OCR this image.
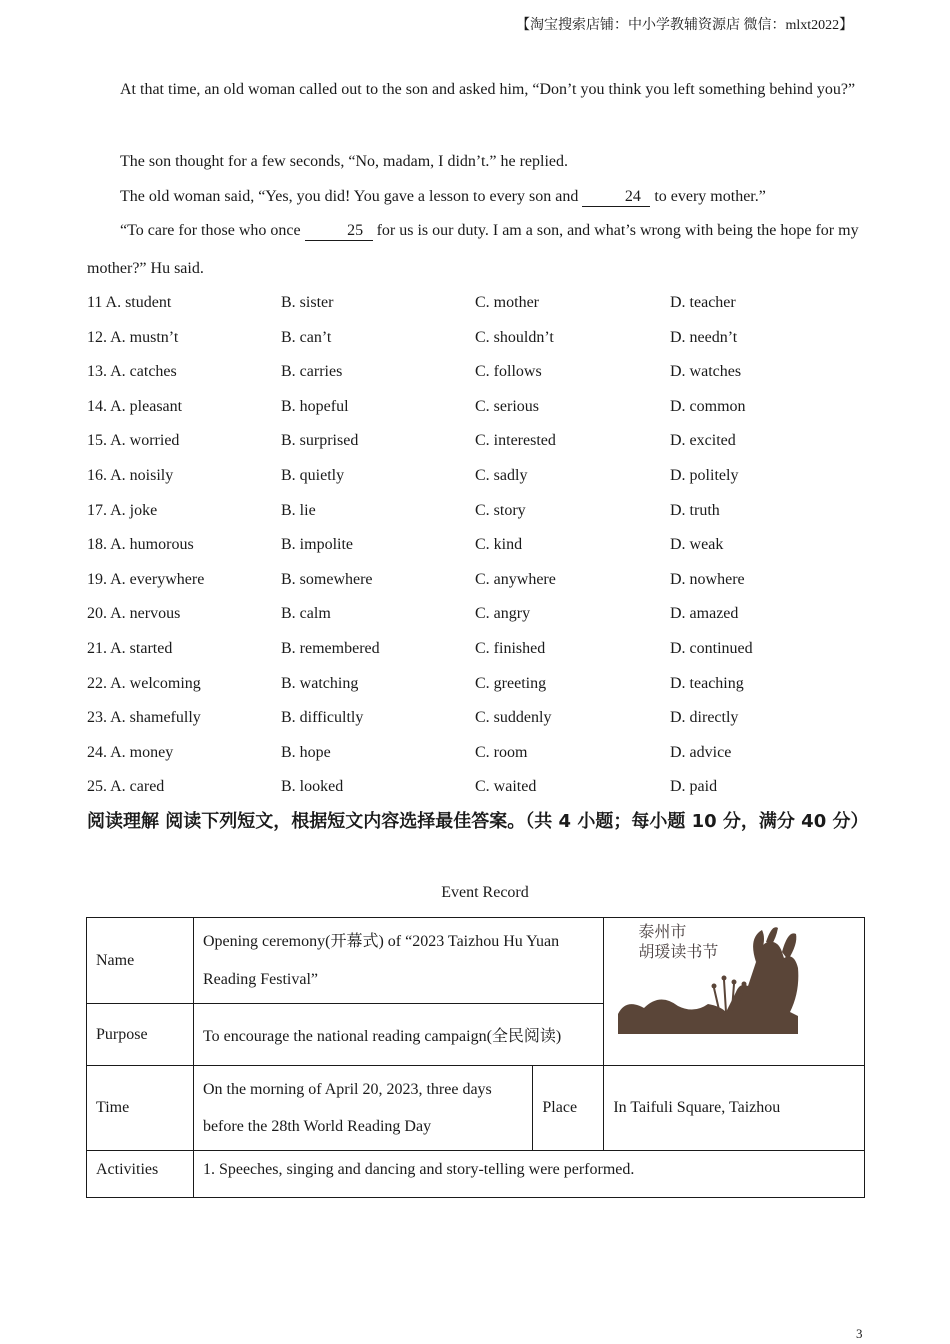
【淘宝搜索店铺：中小学教辅资源店 微信：mlxt2022】

At that time, an old woman called out to the son and asked him, “Don’t you think you left something behind you?”

The son thought for a few seconds, “No, madam, I didn’t.” he replied.

The old woman said, “Yes, you did! You gave a lesson to every son and	24 to every mother.”

“To care for those who once	25 for us is our duty. I am a son, and what’s wrong with being the hope for my mother?” Hu said.

11 A. student	B. sister	C. mother	D. teacher
12. A. mustn’t	B. can’t	C. shouldn’t	D. needn’t
13. A. catches	B. carries	C. follows	D. watches
14. A. pleasant	B. hopeful	C. serious	D. common
15. A. worried	B. surprised	C. interested	D. excited
16. A. noisily	B. quietly	C. sadly	D. politely
17. A. joke	B. lie	C. story	D. truth
18. A. humorous	B. impolite	C. kind	D. weak
19. A. everywhere	B. somewhere	C. anywhere	D. nowhere
20. A. nervous	B. calm	C. angry	D. amazed
21. A. started	B. remembered	C. finished	D. continued
22. A. welcoming	B. watching	C. greeting	D. teaching
23. A. shamefully	B. difficultly	C. suddenly	D. directly
24. A. money	B. hope	C. room	D. advice
25. A. cared	B. looked	C. waited	D. paid

阅读理解 阅读下列短文，根据短文内容选择最佳答案。（共 4 小题；每小题 10 分，满分 40 分）

Event Record
Name	Opening ceremony(开幕式) of “2023 Taizhou Hu Yuan Reading Festival”		泰州市
胡瑗读书节

Purpose	To encourage the national reading campaign(全民阅读)		
Time	On the morning of April 20, 2023, three days before the 28th World Reading Day	Place	In Taifuli Square, Taizhou
Activities	1. Speeches, singing and dancing and story-telling were performed.		
3
